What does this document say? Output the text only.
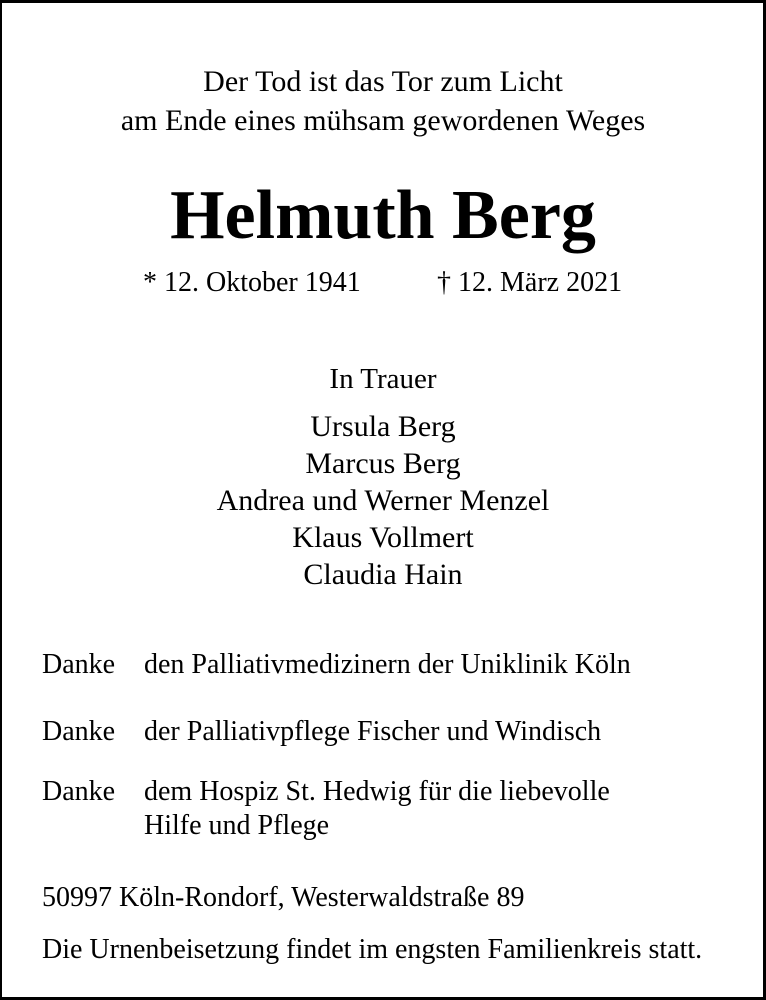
Der Tod ist das Tor zum Licht
am Ende eines mühsam gewordenen Weges
Helmuth Berg
* 12. Oktober 1941	† 12. März 2021
In Trauer
Ursula Berg
Marcus Berg
Andrea und Werner Menzel
Klaus Vollmert
Claudia Hain
Danke den Palliativmedizinern der Uniklinik Köln
Danke der Palliativpflege Fischer und Windisch
Danke dem Hospiz St. Hedwig für die liebevolle
Hilfe und Pflege
50997 Köln-Rondorf, Westerwaldstraße 89
Die Urnenbeisetzung findet im engsten Familienkreis statt.
